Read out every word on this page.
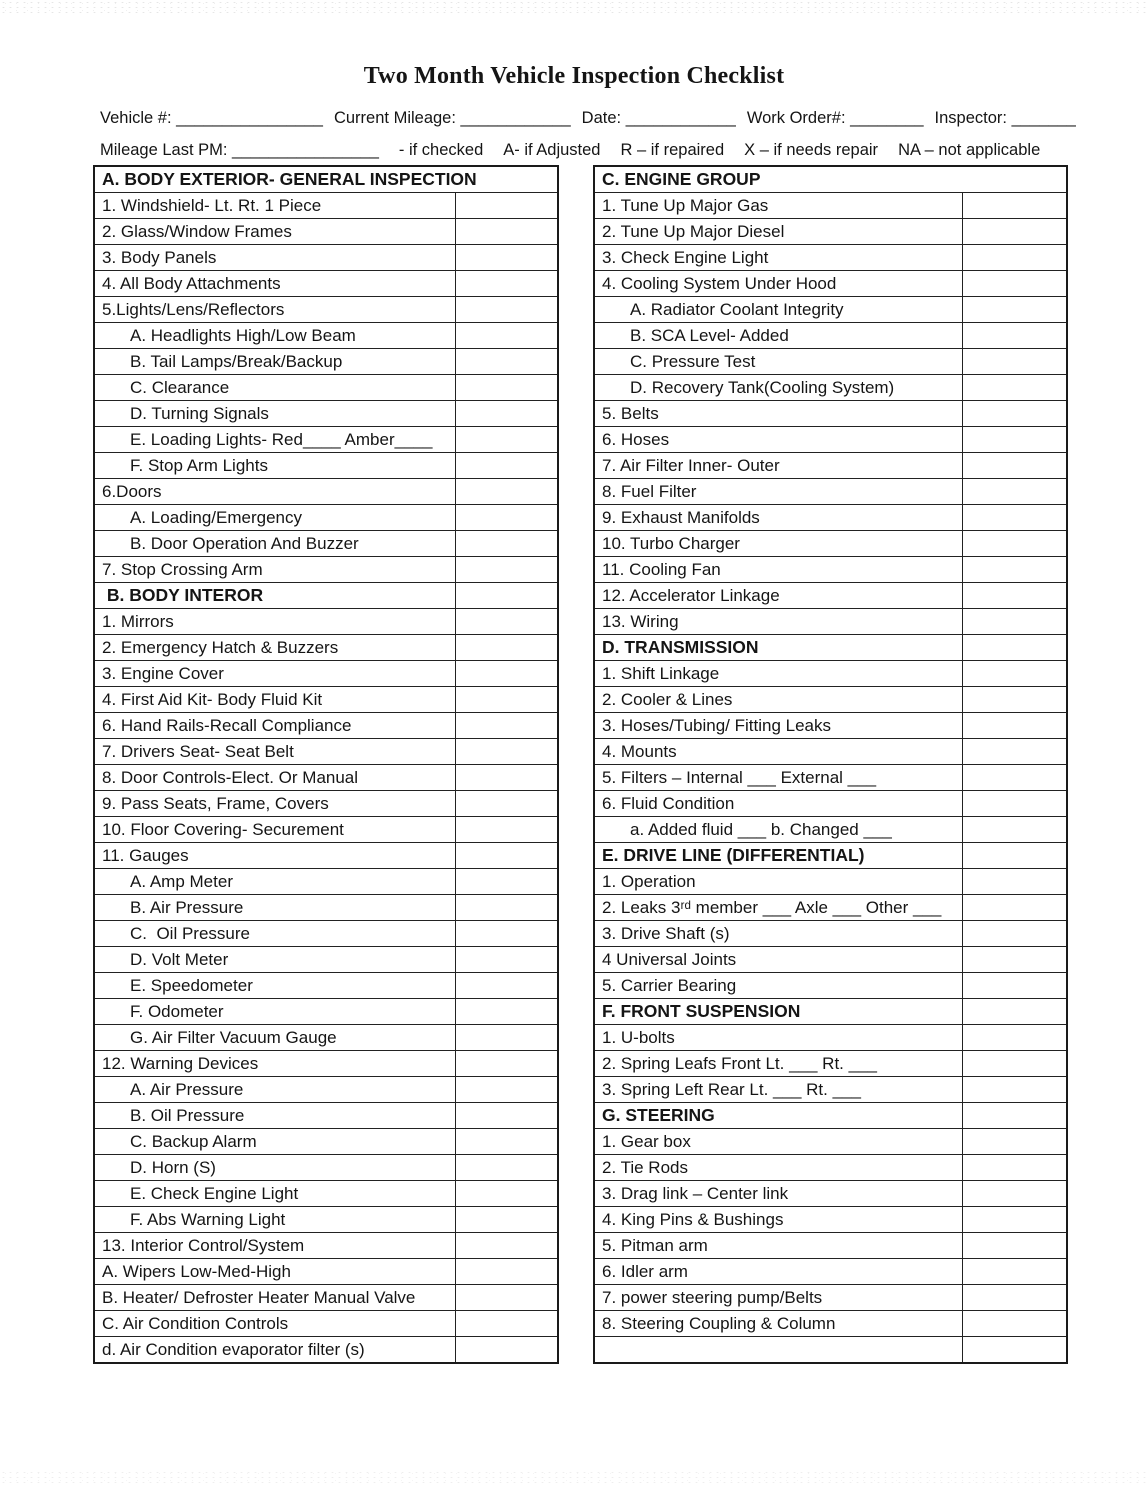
Two Month Vehicle Inspection Checklist
Vehicle #: ________________ Current Mileage: ____________ Date: ____________ Work Order#: ________ Inspector: _______
Mileage Last PM: ________________ - if checked A- if Adjusted R – if repaired X – if needs repair NA – not applicable
A. BODY EXTERIOR- GENERAL INSPECTION	
1. Windshield- Lt. Rt. 1 Piece	
2. Glass/Window Frames	
3. Body Panels	
4. All Body Attachments	
5.Lights/Lens/Reflectors	
A. Headlights High/Low Beam	
B. Tail Lamps/Break/Backup	
C. Clearance	
D. Turning Signals	
E. Loading Lights- Red____ Amber____	
F. Stop Arm Lights	
6.Doors	
A. Loading/Emergency	
B. Door Operation And Buzzer	
7. Stop Crossing Arm	
B. BODY INTEROR	
1. Mirrors	
2. Emergency Hatch & Buzzers	
3. Engine Cover	
4. First Aid Kit- Body Fluid Kit	
6. Hand Rails-Recall Compliance	
7. Drivers Seat- Seat Belt	
8. Door Controls-Elect. Or Manual	
9. Pass Seats, Frame, Covers	
10. Floor Covering- Securement	
11. Gauges	
A. Amp Meter	
B. Air Pressure	
C.  Oil Pressure	
D. Volt Meter	
E. Speedometer	
F. Odometer	
G. Air Filter Vacuum Gauge	
12. Warning Devices	
A. Air Pressure	
B. Oil Pressure	
C. Backup Alarm	
D. Horn (S)	
E. Check Engine Light	
F. Abs Warning Light	
13. Interior Control/System	
A. Wipers Low-Med-High	
B. Heater/ Defroster Heater Manual Valve	
C. Air Condition Controls	
d. Air Condition evaporator filter (s)	
C. ENGINE GROUP	
1. Tune Up Major Gas	
2. Tune Up Major Diesel	
3. Check Engine Light	
4. Cooling System Under Hood	
A. Radiator Coolant Integrity	
B. SCA Level- Added	
C. Pressure Test	
D. Recovery Tank(Cooling System)	
5. Belts	
6. Hoses	
7. Air Filter Inner- Outer	
8. Fuel Filter	
9. Exhaust Manifolds	
10. Turbo Charger	
11. Cooling Fan	
12. Accelerator Linkage	
13. Wiring	
D. TRANSMISSION	
1. Shift Linkage	
2. Cooler & Lines	
3. Hoses/Tubing/ Fitting Leaks	
4. Mounts	
5. Filters – Internal ___ External ___	
6. Fluid Condition	
a. Added fluid ___ b. Changed ___	
E. DRIVE LINE (DIFFERENTIAL)	
1. Operation	
2. Leaks 3ʳᵈ member ___ Axle ___ Other ___	
3. Drive Shaft (s)	
4 Universal Joints	
5. Carrier Bearing	
F. FRONT SUSPENSION	
1. U-bolts	
2. Spring Leafs Front Lt. ___ Rt. ___	
3. Spring Left Rear Lt. ___ Rt. ___	
G. STEERING	
1. Gear box	
2. Tie Rods	
3. Drag link – Center link	
4. King Pins & Bushings	
5. Pitman arm	
6. Idler arm	
7. power steering pump/Belts	
8. Steering Coupling & Column	
